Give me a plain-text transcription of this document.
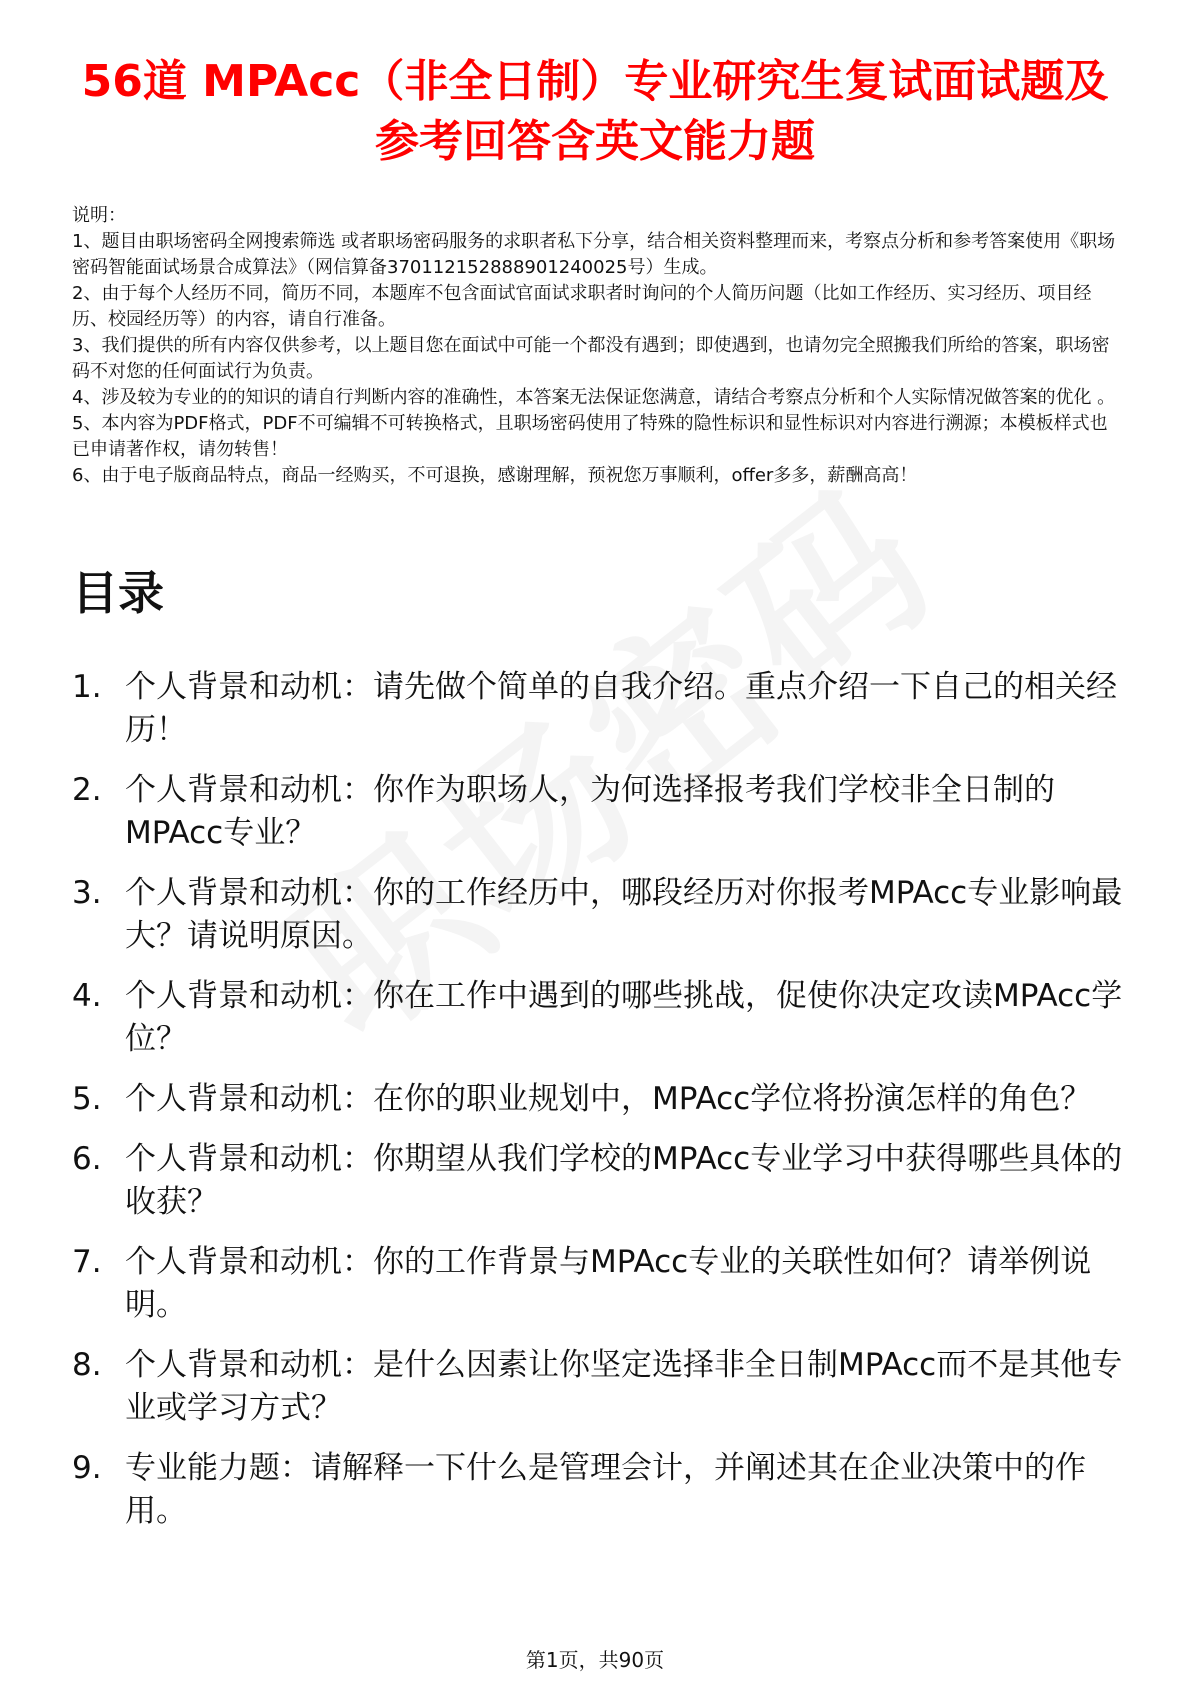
56道 MPAcc（非全日制）专业研究生复试面试题及参考回答含英文能力题

说明：

1、题目由职场密码全网搜索筛选 或者职场密码服务的求职者私下分享，结合相关资料整理而来，考察点分析和参考答案使用《职场密码智能面试场景合成算法》（网信算备370112152888901240025号）生成。

2、由于每个人经历不同，简历不同，本题库不包含面试官面试求职者时询问的个人简历问题（比如工作经历、实习经历、项目经历、校园经历等）的内容，请自行准备。

3、我们提供的所有内容仅供参考，以上题目您在面试中可能一个都没有遇到；即使遇到，也请勿完全照搬我们所给的答案，职场密码不对您的任何面试行为负责。

4、涉及较为专业的的知识的请自行判断内容的准确性，本答案无法保证您满意，请结合考察点分析和个人实际情况做答案的优化 。

5、本内容为PDF格式，PDF不可编辑不可转换格式，且职场密码使用了特殊的隐性标识和显性标识对内容进行溯源；本模板样式也已申请著作权，请勿转售！

6、由于电子版商品特点，商品一经购买，不可退换，感谢理解，预祝您万事顺利，offer多多，薪酬高高！

目录
1. 个人背景和动机：请先做个简单的自我介绍。重点介绍一下自己的相关经历！
2. 个人背景和动机：你作为职场人，为何选择报考我们学校非全日制的MPAcc专业？
3. 个人背景和动机：你的工作经历中，哪段经历对你报考MPAcc专业影响最大？请说明原因。
4. 个人背景和动机：你在工作中遇到的哪些挑战，促使你决定攻读MPAcc学位？
5. 个人背景和动机：在你的职业规划中，MPAcc学位将扮演怎样的角色？
6. 个人背景和动机：你期望从我们学校的MPAcc专业学习中获得哪些具体的收获？
7. 个人背景和动机：你的工作背景与MPAcc专业的关联性如何？请举例说明。
8. 个人背景和动机：是什么因素让你坚定选择非全日制MPAcc而不是其他专业或学习方式？
9. 专业能力题：请解释一下什么是管理会计，并阐述其在企业决策中的作用。
第1页，共90页
